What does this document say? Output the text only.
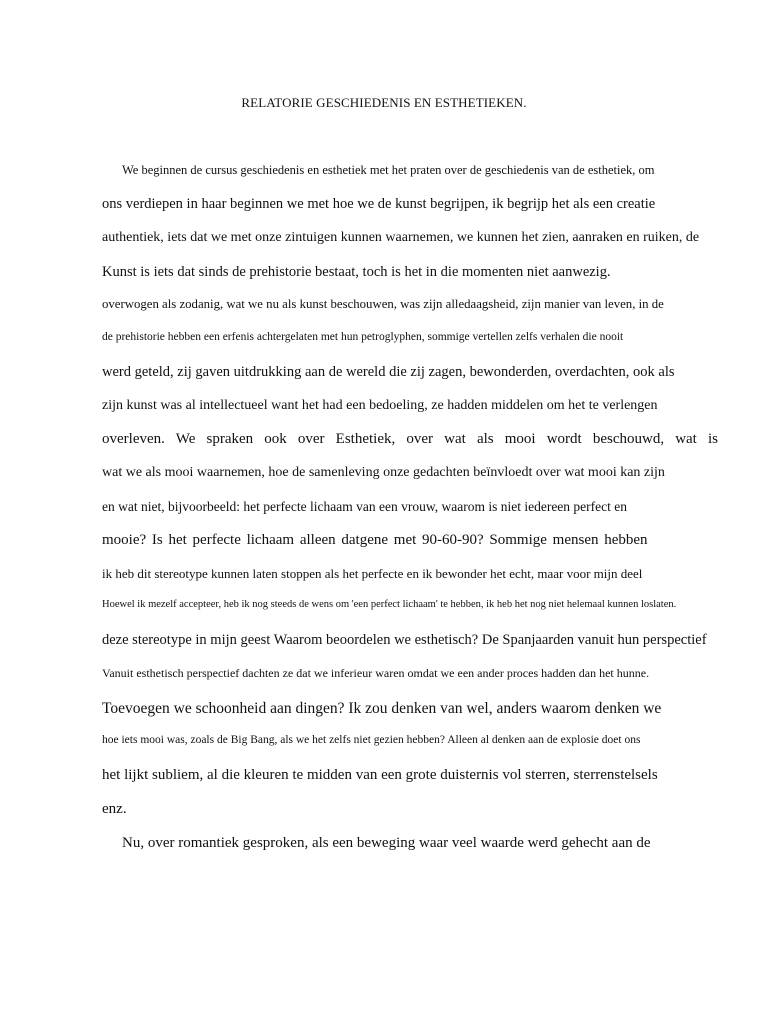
RELATORIE GESCHIEDENIS EN ESTHETIEKEN.
We beginnen de cursus geschiedenis en esthetiek met het praten over de geschiedenis van de esthetiek, om
ons verdiepen in haar beginnen we met hoe we de kunst begrijpen, ik begrijp het als een creatie
authentiek, iets dat we met onze zintuigen kunnen waarnemen, we kunnen het zien, aanraken en ruiken, de
Kunst is iets dat sinds de prehistorie bestaat, toch is het in die momenten niet aanwezig.
overwogen als zodanig, wat we nu als kunst beschouwen, was zijn alledaagsheid, zijn manier van leven, in de
de prehistorie hebben een erfenis achtergelaten met hun petroglyphen, sommige vertellen zelfs verhalen die nooit
werd geteld, zij gaven uitdrukking aan de wereld die zij zagen, bewonderden, overdachten, ook als
zijn kunst was al intellectueel want het had een bedoeling, ze hadden middelen om het te verlengen
overleven. We spraken ook over Esthetiek, over wat als mooi wordt beschouwd, wat is
wat we als mooi waarnemen, hoe de samenleving onze gedachten beïnvloedt over wat mooi kan zijn
en wat niet, bijvoorbeeld: het perfecte lichaam van een vrouw, waarom is niet iedereen perfect en
mooie? Is het perfecte lichaam alleen datgene met 90-60-90? Sommige mensen hebben
ik heb dit stereotype kunnen laten stoppen als het perfecte en ik bewonder het echt, maar voor mijn deel
Hoewel ik mezelf accepteer, heb ik nog steeds de wens om 'een perfect lichaam' te hebben, ik heb het nog niet helemaal kunnen loslaten.
deze stereotype in mijn geest Waarom beoordelen we esthetisch? De Spanjaarden vanuit hun perspectief
Vanuit esthetisch perspectief dachten ze dat we inferieur waren omdat we een ander proces hadden dan het hunne.
Toevoegen we schoonheid aan dingen? Ik zou denken van wel, anders waarom denken we
hoe iets mooi was, zoals de Big Bang, als we het zelfs niet gezien hebben? Alleen al denken aan de explosie doet ons
het lijkt subliem, al die kleuren te midden van een grote duisternis vol sterren, sterrenstelsels
enz.
Nu, over romantiek gesproken, als een beweging waar veel waarde werd gehecht aan de
